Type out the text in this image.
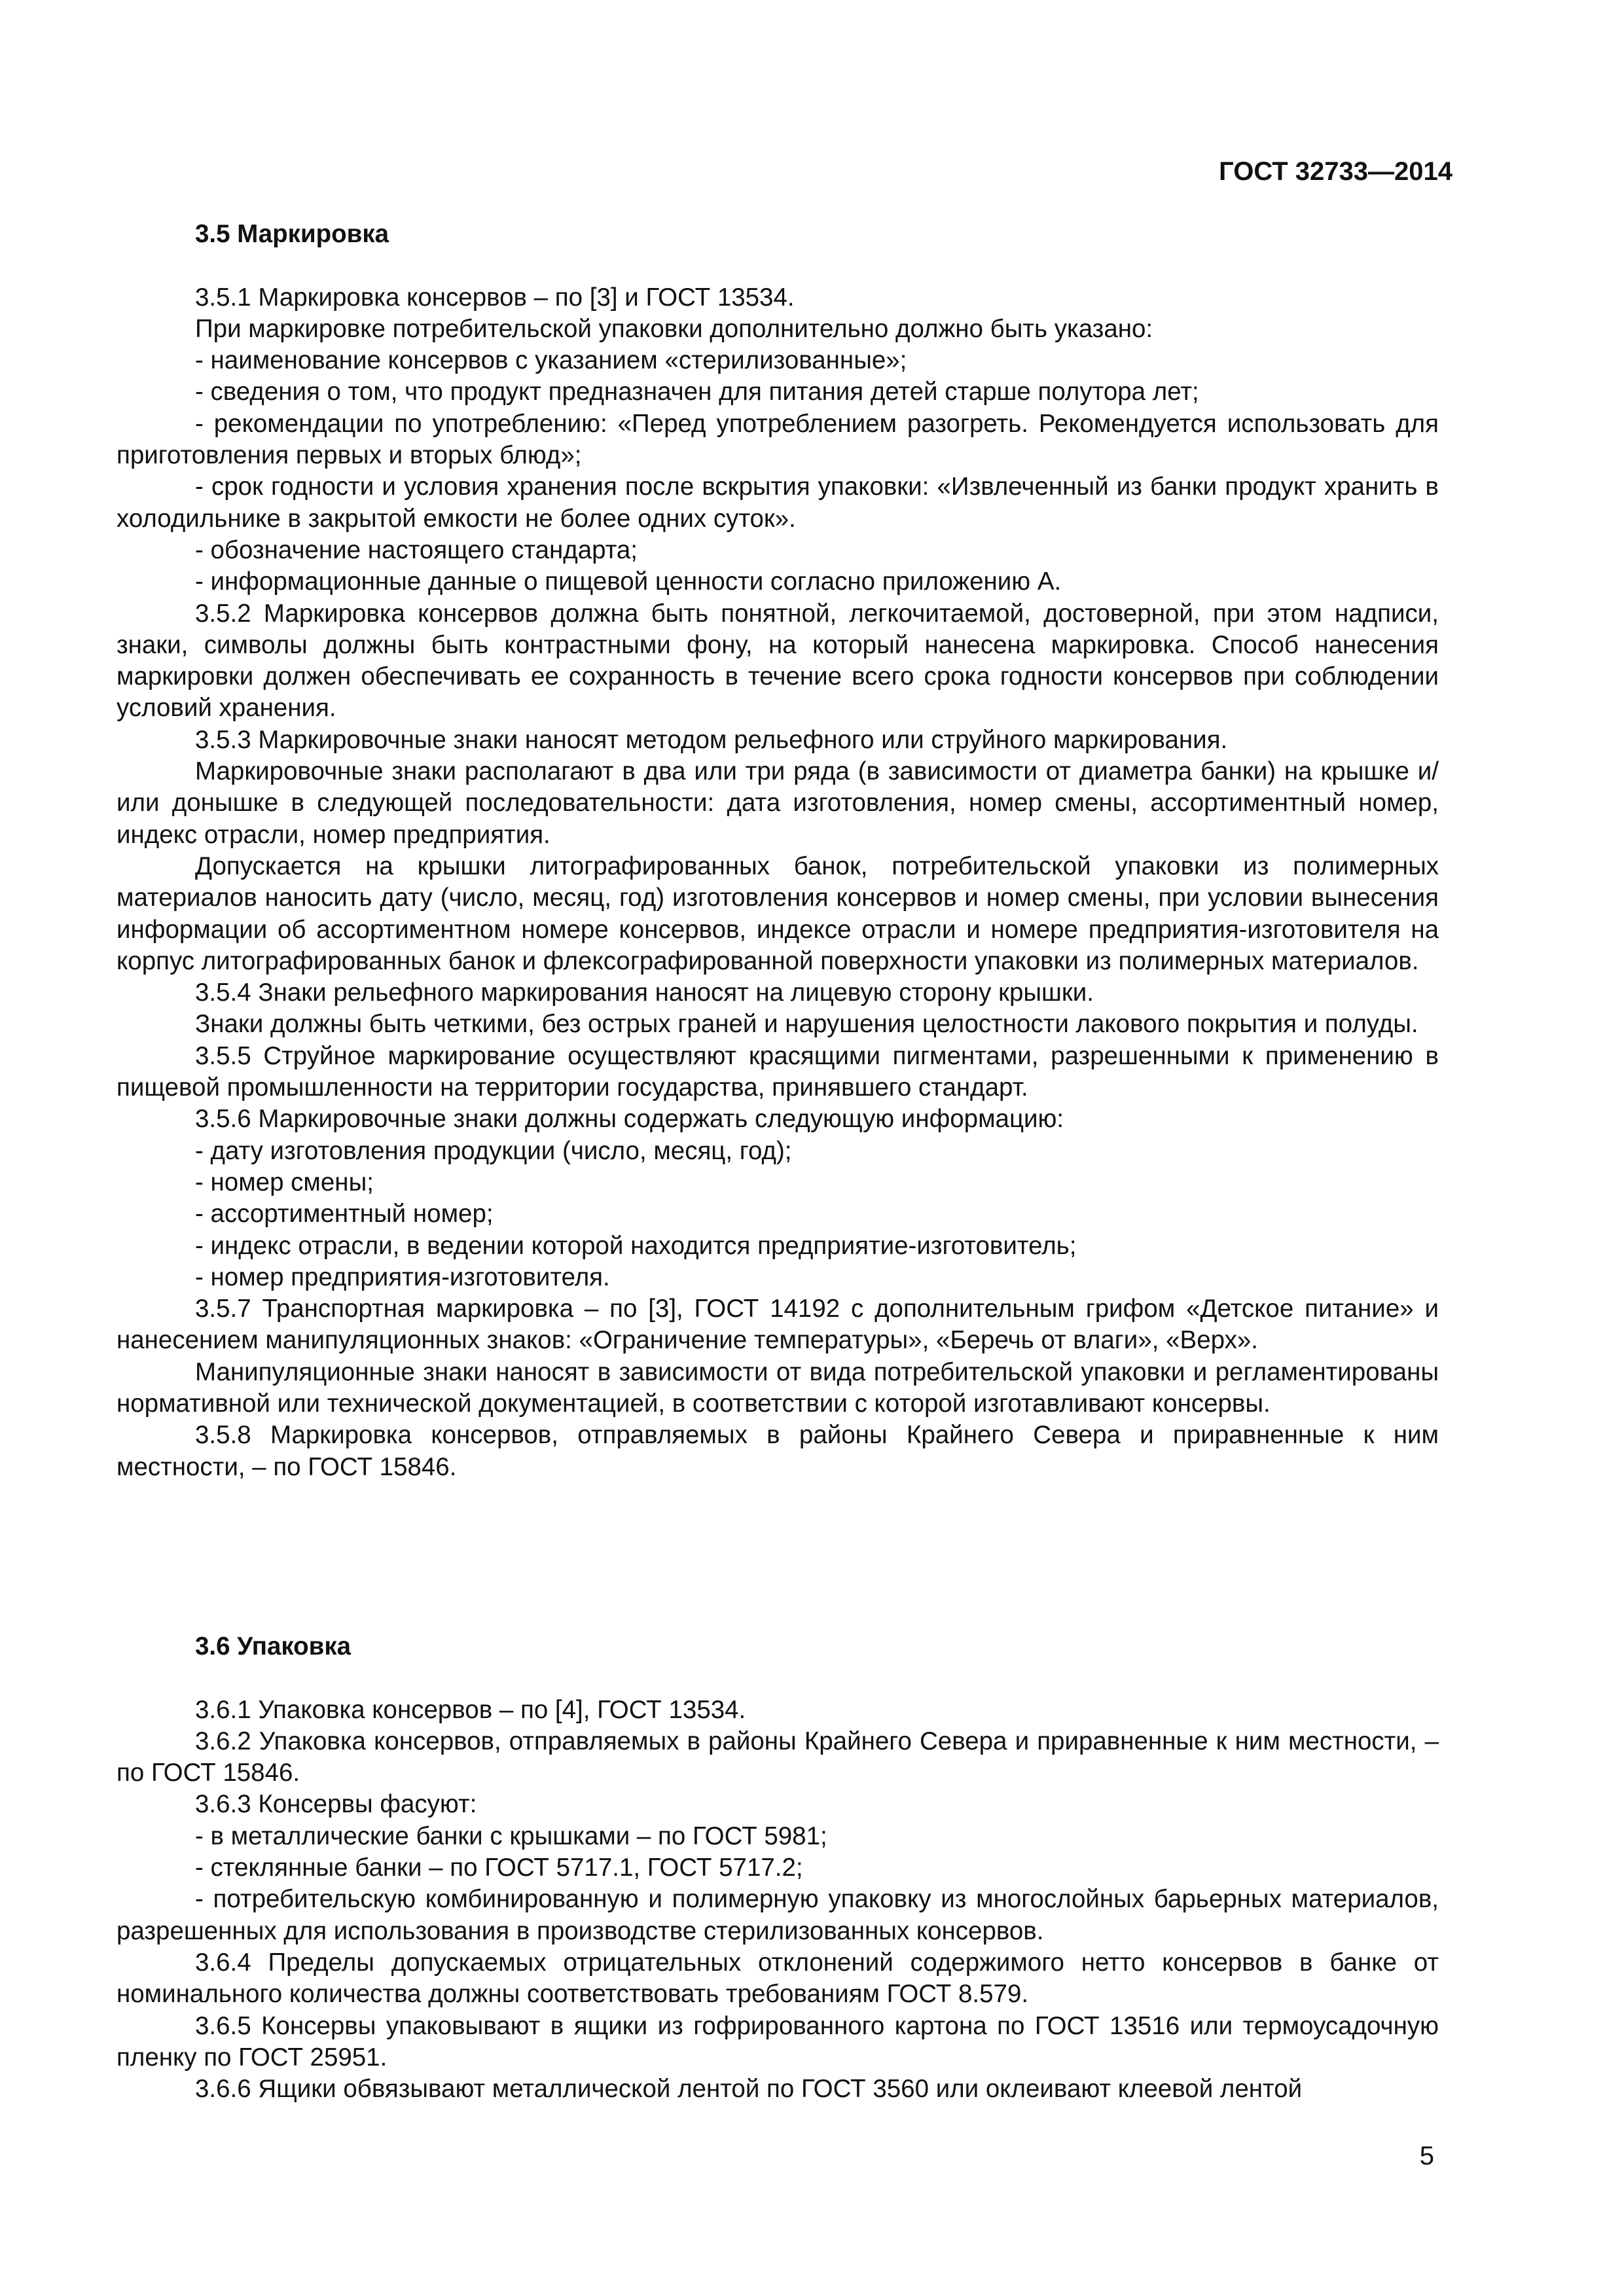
ГОСТ 32733—2014
3.5 Маркировка

3.5.1 Маркировка консервов – по [3] и ГОСТ 13534.

При маркировке потребительской упаковки дополнительно должно быть указано:

- наименование консервов с указанием «стерилизованные»;

- сведения о том, что продукт предназначен для питания детей старше полутора лет;

- рекомендации по употреблению: «Перед употреблением разогреть. Рекомендуется использовать для приготовления первых и вторых блюд»;

- срок годности и условия хранения после вскрытия упаковки: «Извлеченный из банки продукт хранить в холодильнике в закрытой емкости не более одних суток».

- обозначение настоящего стандарта;

- информационные данные о пищевой ценности согласно приложению А.

3.5.2 Маркировка консервов должна быть понятной, легкочитаемой, достоверной, при этом надписи, знаки, символы должны быть контрастными фону, на который нанесена маркировка. Способ нанесения маркировки должен обеспечивать ее сохранность в течение всего срока годности консервов при соблюдении условий хранения.

3.5.3 Маркировочные знаки наносят методом рельефного или струйного маркирования.

Маркировочные знаки располагают в два или три ряда (в зависимости от диаметра банки) на крышке и/или донышке в следующей последовательности: дата изготовления, номер смены, ассортиментный номер, индекс отрасли, номер предприятия.

Допускается на крышки литографированных банок, потребительской упаковки из полимерных материалов наносить дату (число, месяц, год) изготовления консервов и номер смены, при условии вынесения информации об ассортиментном номере консервов, индексе отрасли и номере предприятия-изготовителя на корпус литографированных банок и флексографированной поверхности упаковки из полимерных материалов.

3.5.4 Знаки рельефного маркирования наносят на лицевую сторону крышки.

Знаки должны быть четкими, без острых граней и нарушения целостности лакового покрытия и полуды.

3.5.5 Струйное маркирование осуществляют красящими пигментами, разрешенными к применению в пищевой промышленности на территории государства, принявшего стандарт.

3.5.6 Маркировочные знаки должны содержать следующую информацию:

- дату изготовления продукции (число, месяц, год);

- номер смены;

- ассортиментный номер;

- индекс отрасли, в ведении которой находится предприятие-изготовитель;

- номер предприятия-изготовителя.

3.5.7 Транспортная маркировка – по [3], ГОСТ 14192 с дополнительным грифом «Детское питание» и нанесением манипуляционных знаков: «Ограничение температуры», «Беречь от влаги», «Верх».

Манипуляционные знаки наносят в зависимости от вида потребительской упаковки и регламентированы нормативной или технической документацией, в соответствии с которой изготавливают консервы.

3.5.8 Маркировка консервов, отправляемых в районы Крайнего Севера и приравненные к ним местности, – по ГОСТ 15846.

3.6 Упаковка

3.6.1 Упаковка консервов – по [4], ГОСТ 13534.

3.6.2 Упаковка консервов, отправляемых в районы Крайнего Севера и приравненные к ним местности, – по ГОСТ 15846.

3.6.3 Консервы фасуют:

- в металлические банки с крышками – по ГОСТ 5981;

- стеклянные банки – по ГОСТ 5717.1, ГОСТ 5717.2;

- потребительскую комбинированную и полимерную упаковку из многослойных барьерных материалов, разрешенных для использования в производстве стерилизованных консервов.

3.6.4 Пределы допускаемых отрицательных отклонений содержимого нетто консервов в банке от номинального количества должны соответствовать требованиям ГОСТ 8.579.

3.6.5 Консервы упаковывают в ящики из гофрированного картона по ГОСТ 13516 или термоусадочную пленку по ГОСТ 25951.

3.6.6 Ящики обвязывают металлической лентой по ГОСТ 3560 или оклеивают клеевой лентой

5
